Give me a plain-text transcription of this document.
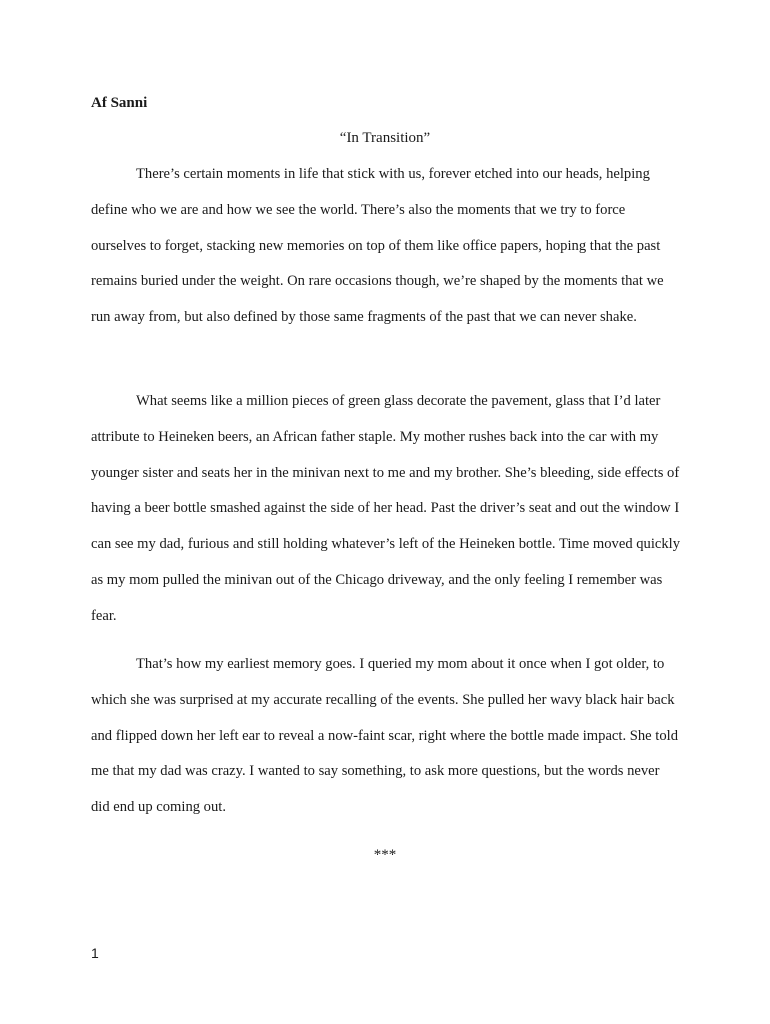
Af Sanni

“In Transition”

There’s certain moments in life that stick with us, forever etched into our heads, helping define who we are and how we see the world. There’s also the moments that we try to force ourselves to forget, stacking new memories on top of them like office papers, hoping that the past remains buried under the weight. On rare occasions though, we’re shaped by the moments that we run away from, but also defined by those same fragments of the past that we can never shake.

What seems like a million pieces of green glass decorate the pavement, glass that I’d later attribute to Heineken beers, an African father staple. My mother rushes back into the car with my younger sister and seats her in the minivan next to me and my brother. She’s bleeding, side effects of having a beer bottle smashed against the side of her head. Past the driver’s seat and out the window I can see my dad, furious and still holding whatever’s left of the Heineken bottle. Time moved quickly as my mom pulled the minivan out of the Chicago driveway, and the only feeling I remember was fear.

That’s how my earliest memory goes. I queried my mom about it once when I got older, to which she was surprised at my accurate recalling of the events. She pulled her wavy black hair back and flipped down her left ear to reveal a now-faint scar, right where the bottle made impact. She told me that my dad was crazy. I wanted to say something, to ask more questions, but the words never did end up coming out.

***

1
